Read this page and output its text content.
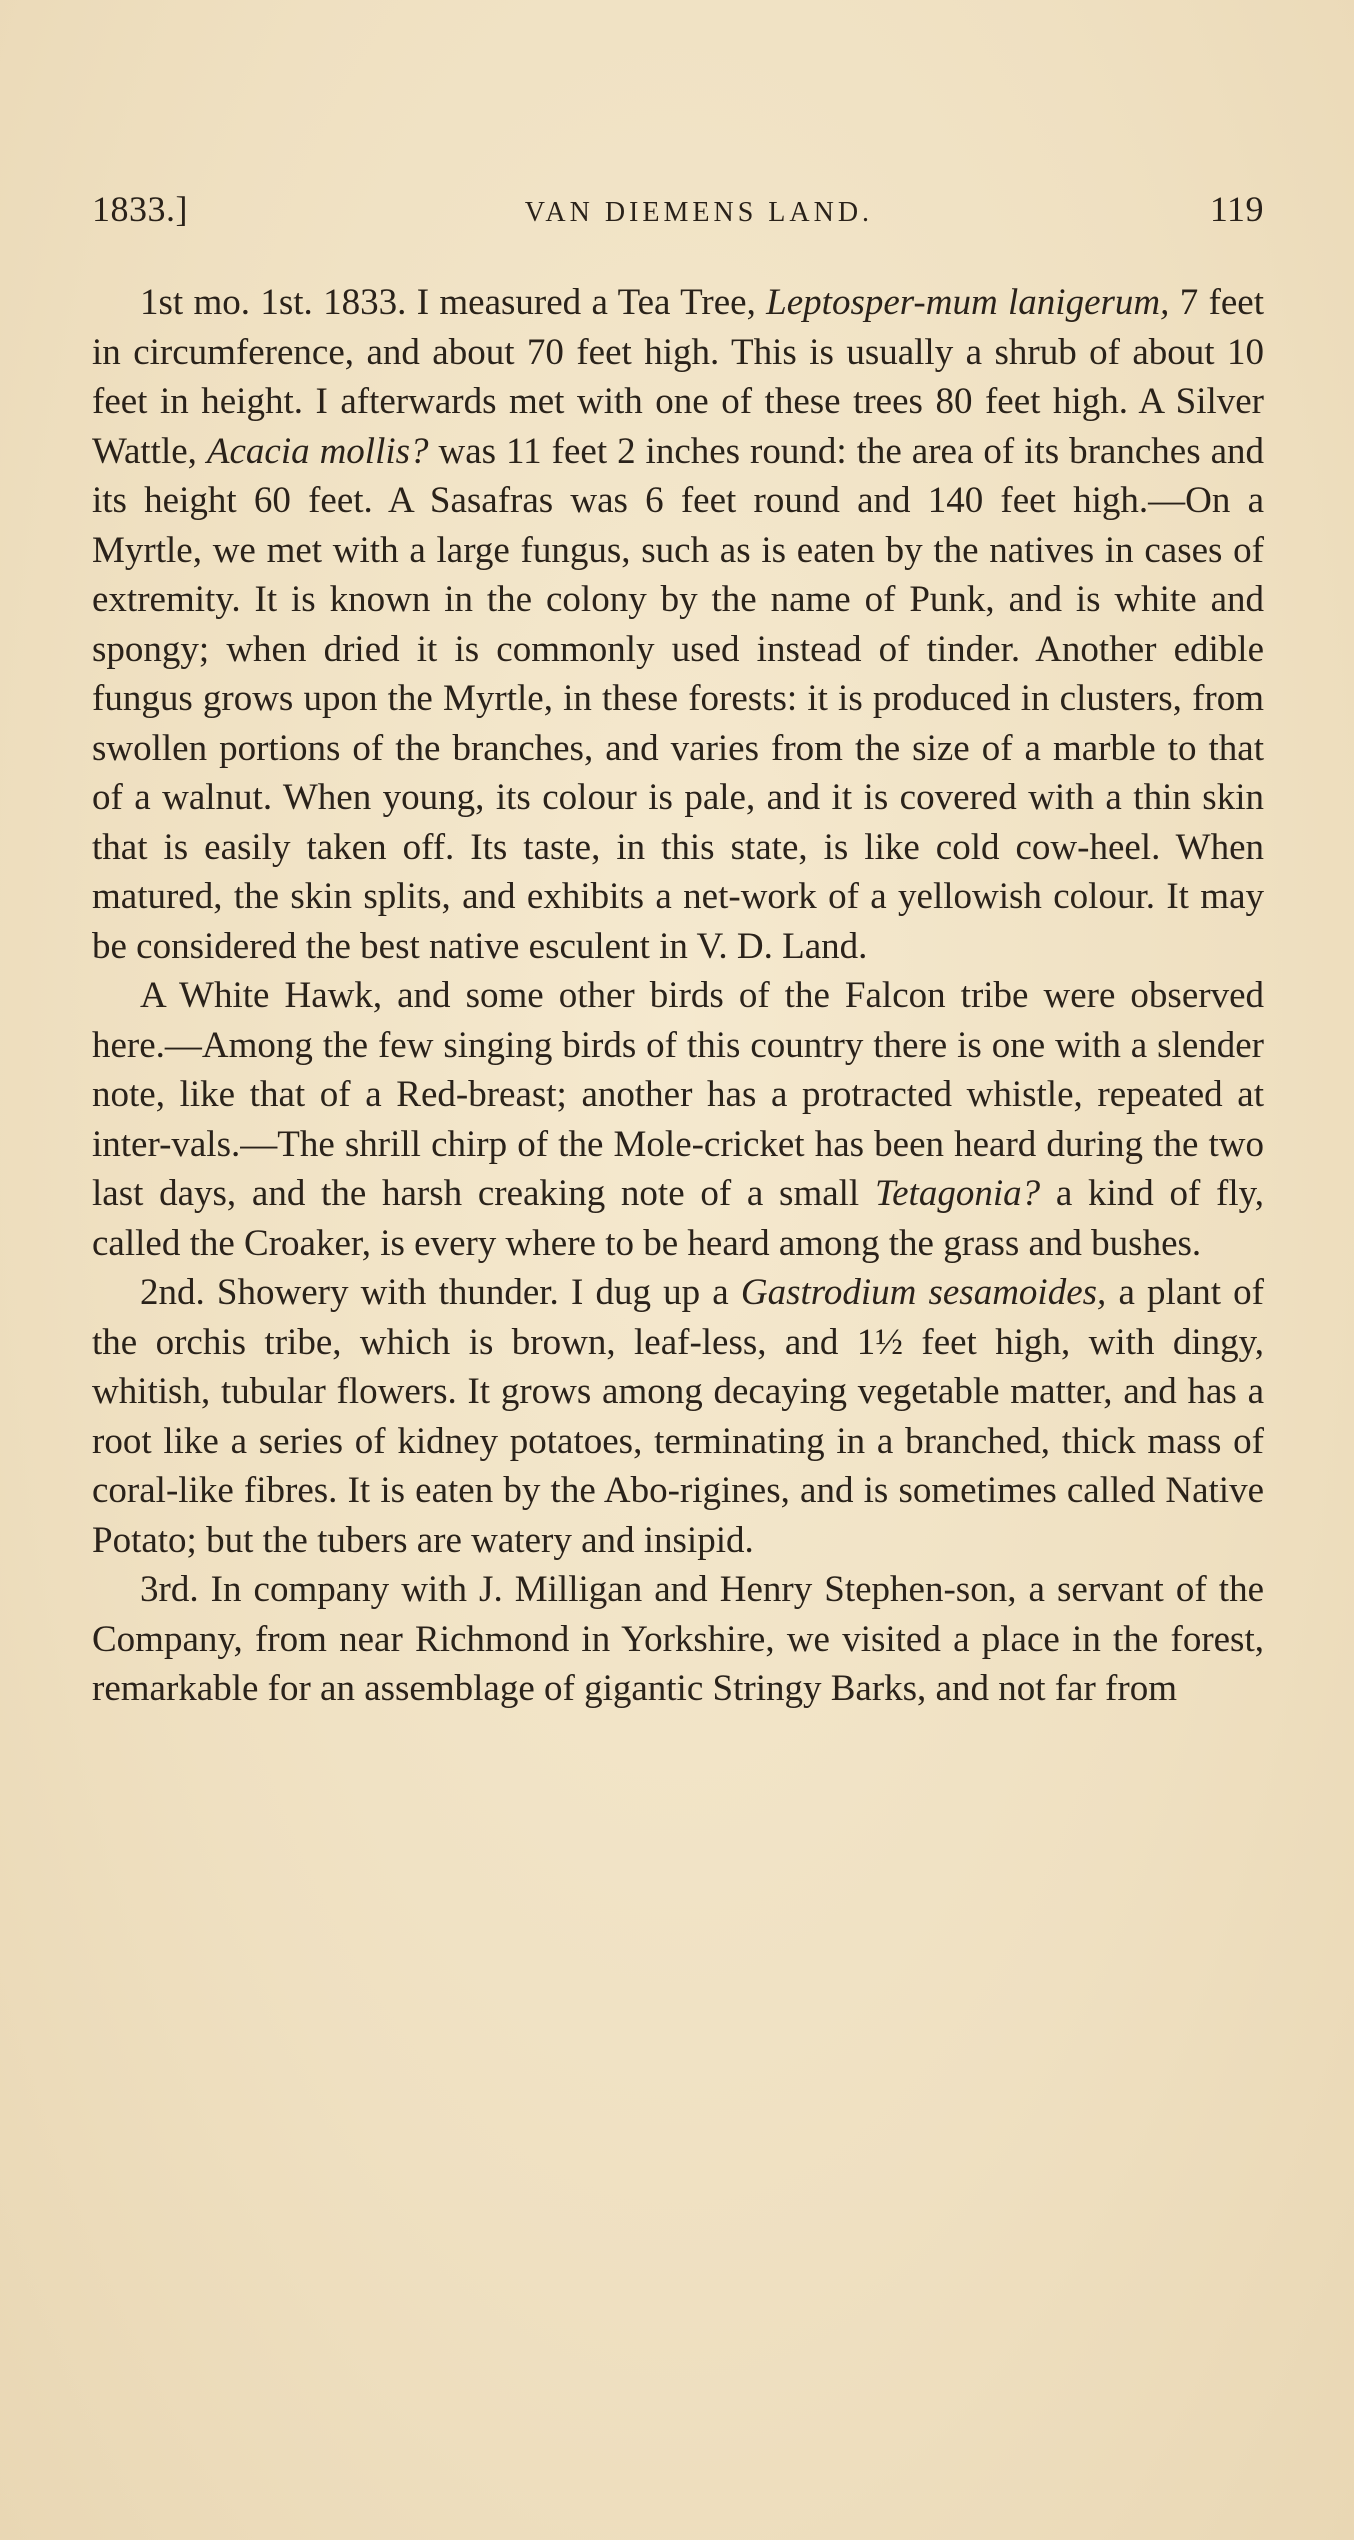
1833.]	VAN DIEMENS LAND.	119

1st mo. 1st. 1833. I measured a Tea Tree, Leptosper-mum lanigerum, 7 feet in circumference, and about 70 feet high. This is usually a shrub of about 10 feet in height. I afterwards met with one of these trees 80 feet high. A Silver Wattle, Acacia mollis? was 11 feet 2 inches round: the area of its branches and its height 60 feet. A Sasafras was 6 feet round and 140 feet high.—On a Myrtle, we met with a large fungus, such as is eaten by the natives in cases of extremity. It is known in the colony by the name of Punk, and is white and spongy; when dried it is commonly used instead of tinder. Another edible fungus grows upon the Myrtle, in these forests: it is produced in clusters, from swollen portions of the branches, and varies from the size of a marble to that of a walnut. When young, its colour is pale, and it is covered with a thin skin that is easily taken off. Its taste, in this state, is like cold cow-heel. When matured, the skin splits, and exhibits a net-work of a yellowish colour. It may be considered the best native esculent in V. D. Land.

A White Hawk, and some other birds of the Falcon tribe were observed here.—Among the few singing birds of this country there is one with a slender note, like that of a Red-breast; another has a protracted whistle, repeated at inter-vals.—The shrill chirp of the Mole-cricket has been heard during the two last days, and the harsh creaking note of a small Tetagonia? a kind of fly, called the Croaker, is every where to be heard among the grass and bushes.

2nd. Showery with thunder. I dug up a Gastrodium sesamoides, a plant of the orchis tribe, which is brown, leaf-less, and 1½ feet high, with dingy, whitish, tubular flowers. It grows among decaying vegetable matter, and has a root like a series of kidney potatoes, terminating in a branched, thick mass of coral-like fibres. It is eaten by the Abo-rigines, and is sometimes called Native Potato; but the tubers are watery and insipid.

3rd. In company with J. Milligan and Henry Stephen-son, a servant of the Company, from near Richmond in Yorkshire, we visited a place in the forest, remarkable for an assemblage of gigantic Stringy Barks, and not far from
